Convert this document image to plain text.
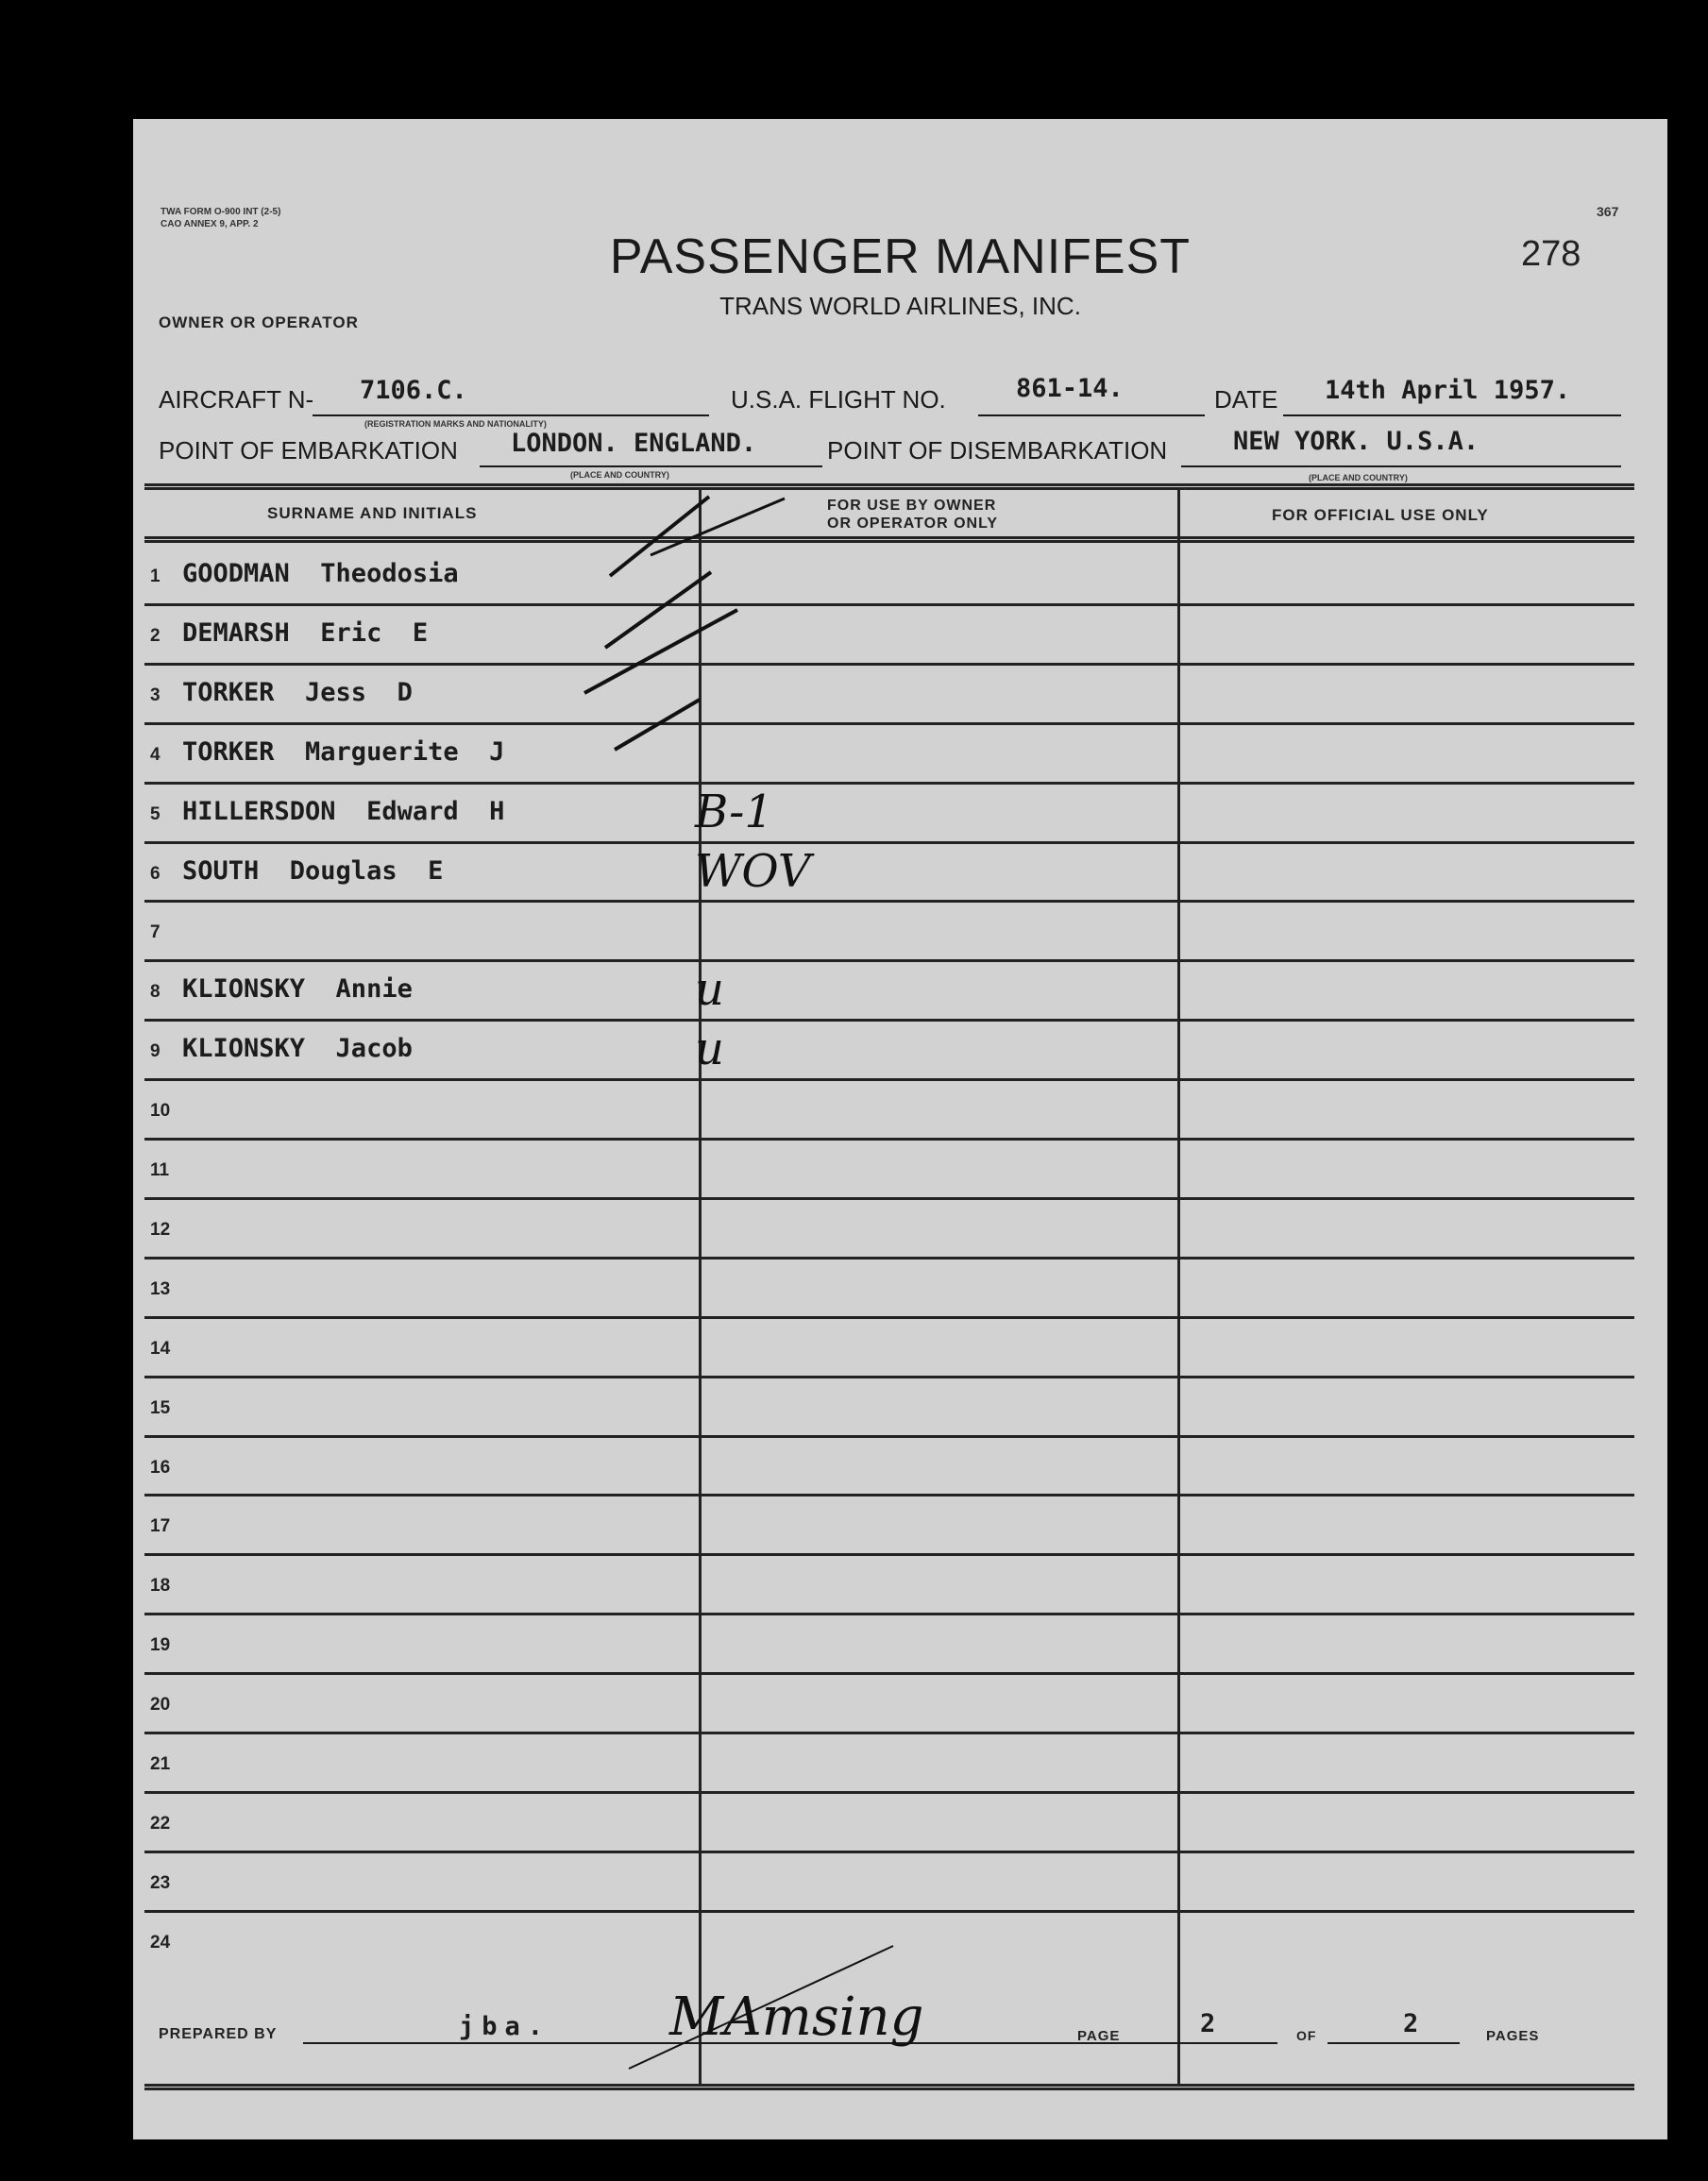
TWA FORM O-900 INT (2-5)
CAO ANNEX 9, APP. 2
367
278
PASSENGER MANIFEST
TRANS WORLD AIRLINES, INC.
OWNER OR OPERATOR
AIRCRAFT N- 7106.C.
(REGISTRATION MARKS AND NATIONALITY)
U.S.A. FLIGHT NO.	861-14.	DATE 14th April 1957.
POINT OF EMBARKATION LONDON. ENGLAND.
(PLACE AND COUNTRY)
POINT OF DISEMBARKATION	NEW YORK. U.S.A.
(PLACE AND COUNTRY)
SURNAME AND INITIALS	FOR USE BY OWNER
OR OPERATOR ONLY	FOR OFFICIAL USE ONLY
1 GOODMAN  Theodosia
2 DEMARSH  Eric  E
3 TORKER  Jess  D
4 TORKER  Marguerite  J
5 HILLERSDON  Edward  H	B-1
6 SOUTH  Douglas  E	WOV
7
8 KLIONSKY  Annie	u
9 KLIONSKY  Jacob	u
10
11
12
13
14
15
16
17
18
19
20
21
22
23
24
PREPARED BY	jba. MAmsing	PAGE	2	OF	2	PAGES
